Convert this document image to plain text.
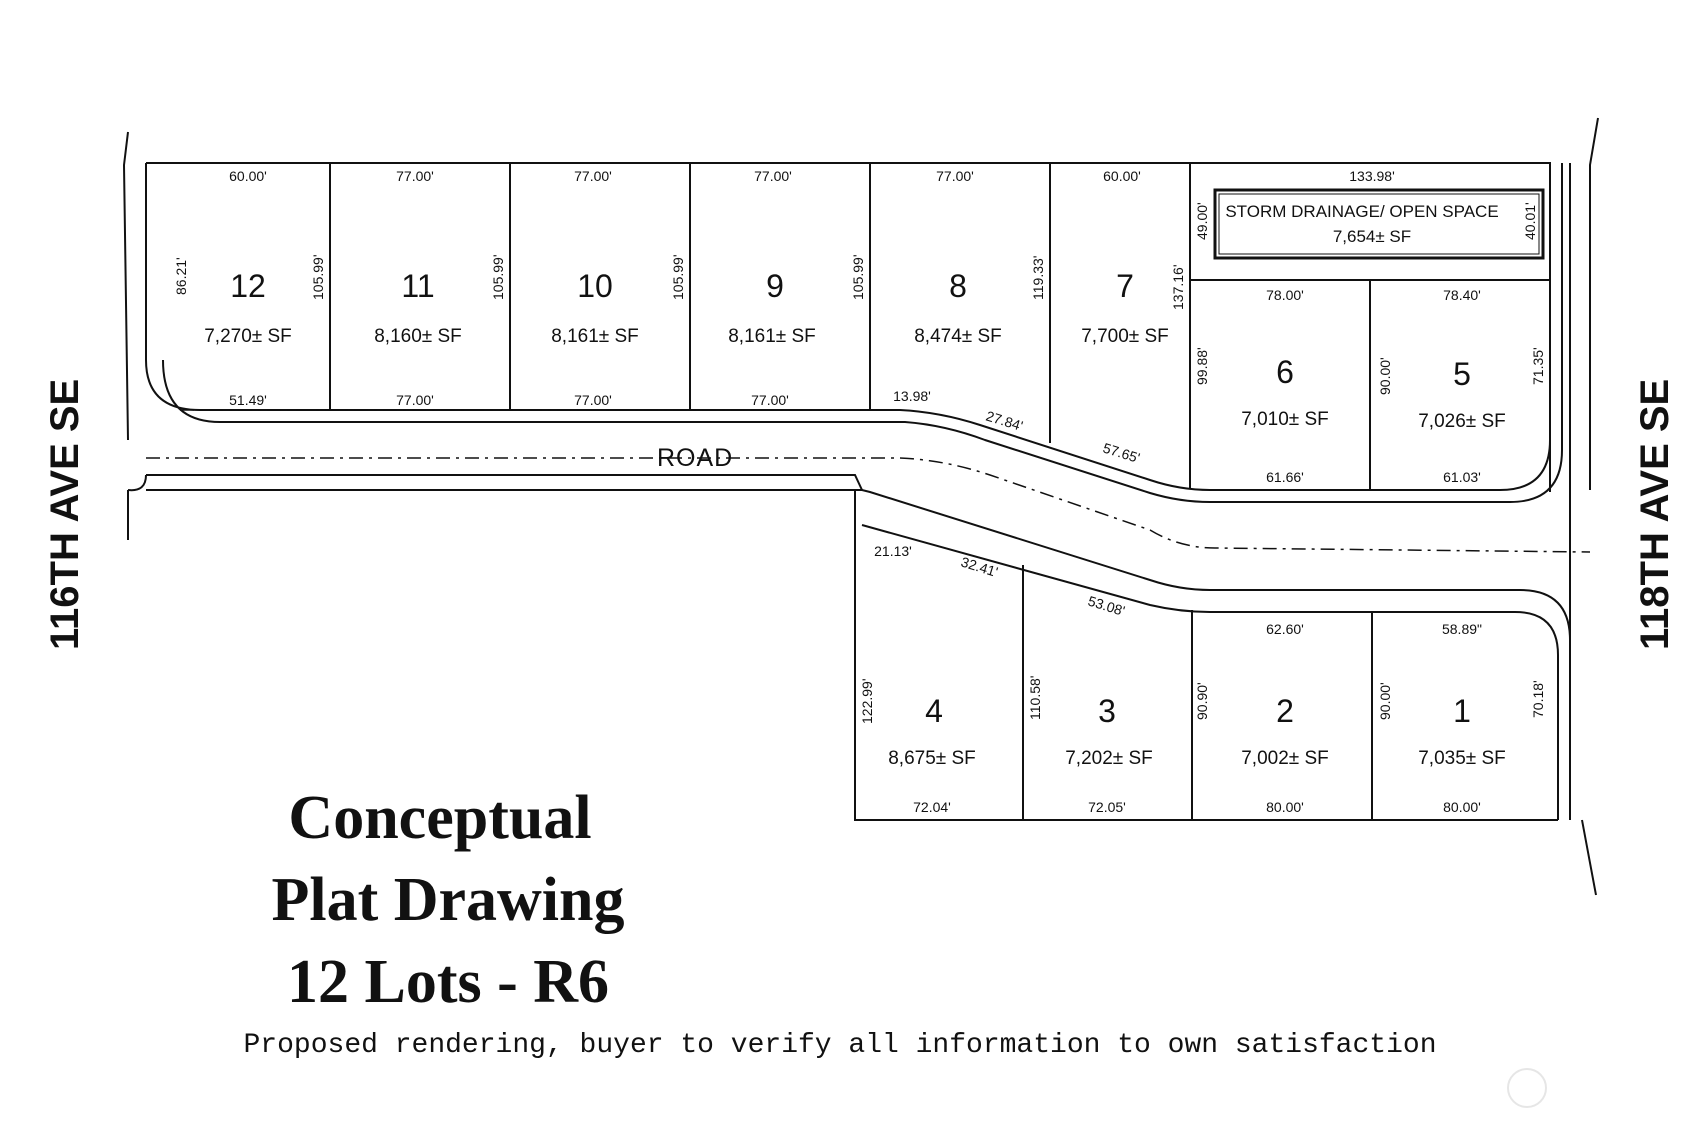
116TH AVE SE	118TH AVE SE
ROAD
STORM DRAINAGE/ OPEN SPACE
7,654± SF
133.98'
49.00'	40.01'
12
7,270± SF
11
8,160± SF
10
8,161± SF
9
8,161± SF
8
8,474± SF
7
7,700± SF
6
7,010± SF
5
7,026± SF
4
8,675± SF
3
7,202± SF
2
7,002± SF
1
7,035± SF
60.00'	77.00'	77.00'	77.00'	77.00'	60.00'
51.49'	77.00'	77.00'	77.00'	13.98'
27.84'
57.65'
86.21'	105.99'	105.99'	105.99'	105.99'	119.33'	137.16'	78.00'	78.40'
99.88'	90.00'	71.35'
61.66'	61.03'
21.13'
32.41'
53.08'
62.60'	58.89"
122.99'	110.58'	90.90'	90.00'	70.18'
72.04'	72.05'	80.00'	80.00'
Conceptual
Plat Drawing
12 Lots - R6
Proposed rendering, buyer to verify all information to own satisfaction
